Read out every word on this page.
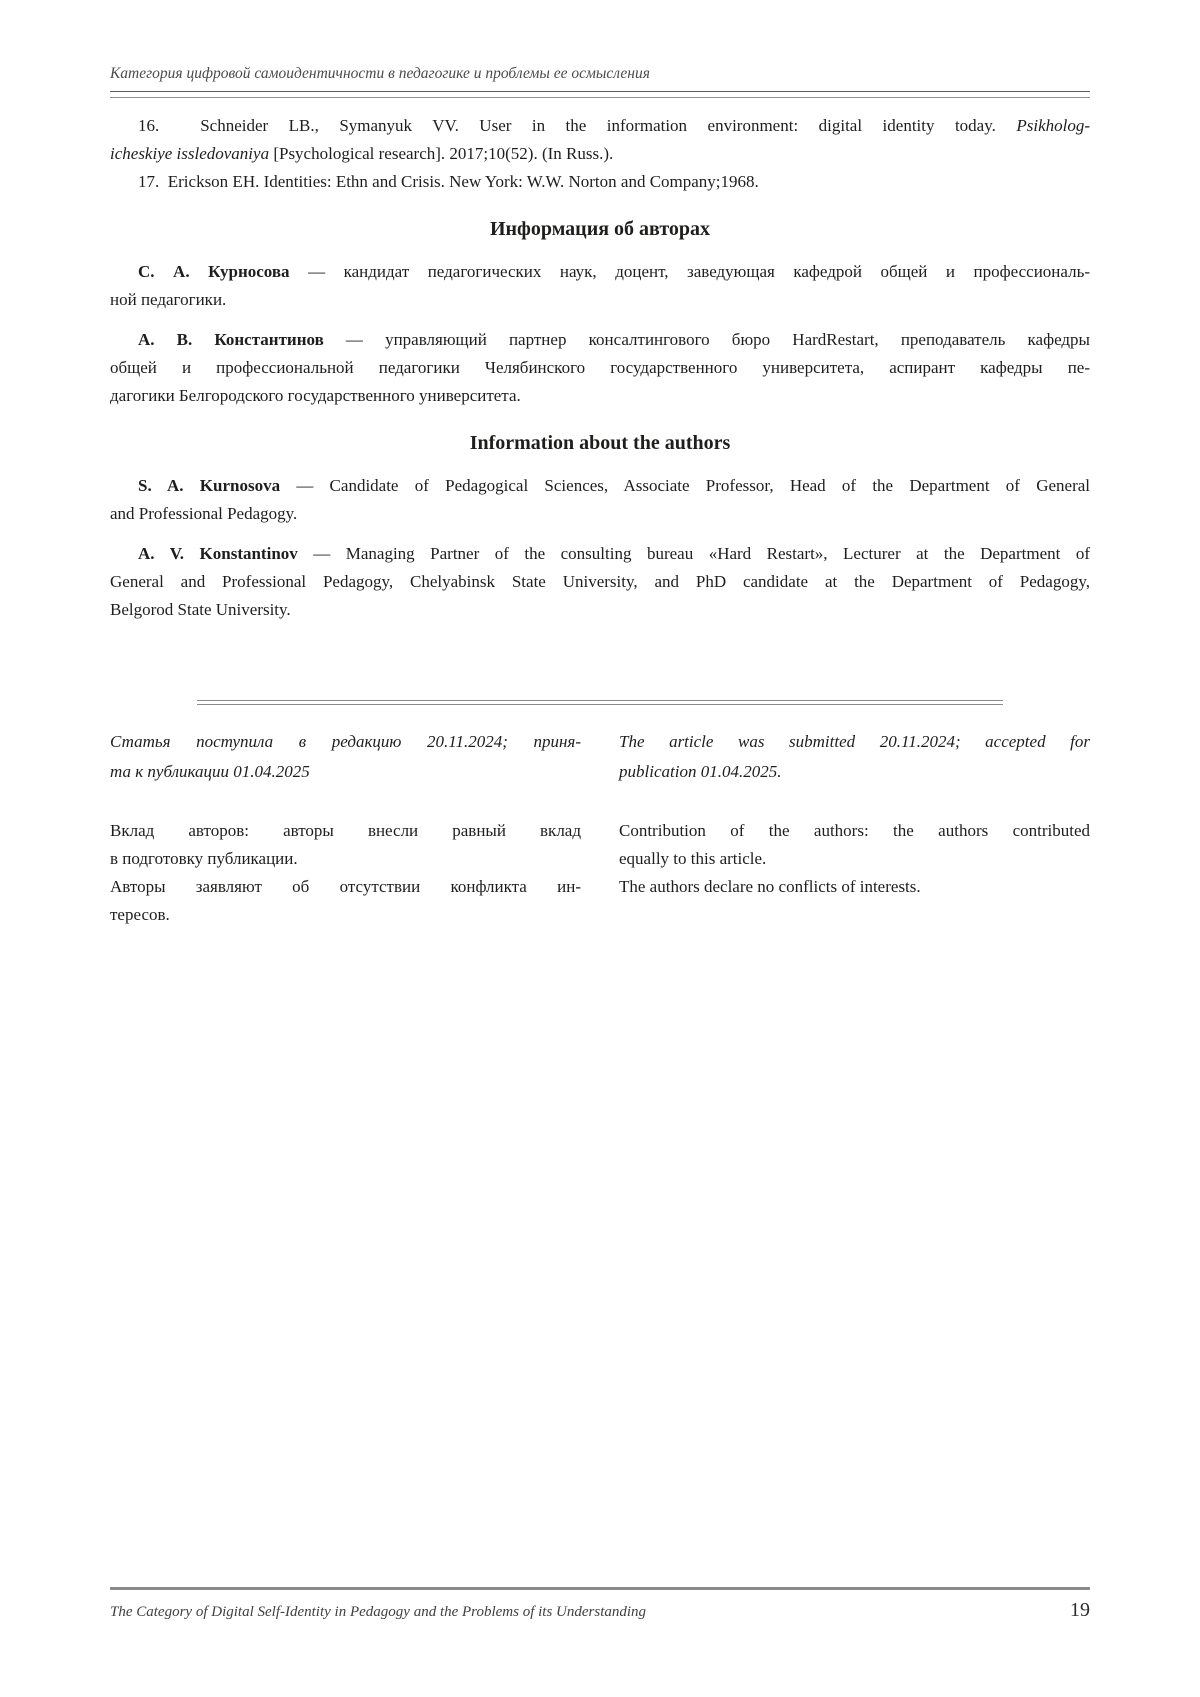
Категория цифровой самоидентичности в педагогике и проблемы ее осмысления
16.  Schneider LB., Symanyuk VV. User in the information environment: digital identity today. Psikholog-
icheskiye issledovaniya [Psychological research]. 2017;10(52). (In Russ.).
17.  Erickson EH. Identities: Ethn and Crisis. New York: W.W. Norton and Company;1968.
Информация об авторах
С. А. Курносова — кандидат педагогических наук, доцент, заведующая кафедрой общей и профессиональ-
ной педагогики.
А. В. Константинов — управляющий партнер консалтингового бюро HardRestart, преподаватель кафедры
общей и профессиональной педагогики Челябинского государственного университета, аспирант кафедры пе-
дагогики Белгородского государственного университета.
Information about the authors
S. A. Kurnosova — Candidate of Pedagogical Sciences, Associate Professor, Head of the Department of General
and Professional Pedagogy.
A. V. Konstantinov — Managing Partner of the consulting bureau «Hard Restart», Lecturer at the Department of
General and Professional Pedagogy, Chelyabinsk State University, and PhD candidate at the Department of Pedagogy,
Belgorod State University.
Статья поступила в редакцию 20.11.2024; приня-
та к публикации 01.04.2025
Вклад авторов: авторы внесли равный вклад
в подготовку публикации.
Авторы заявляют об отсутствии конфликта ин-
тересов.
The article was submitted 20.11.2024; accepted for
publication 01.04.2025.
Contribution of the authors: the authors contributed
equally to this article.
The authors declare no conflicts of interests.
The Category of Digital Self-Identity in Pedagogy and the Problems of its Understanding	19
